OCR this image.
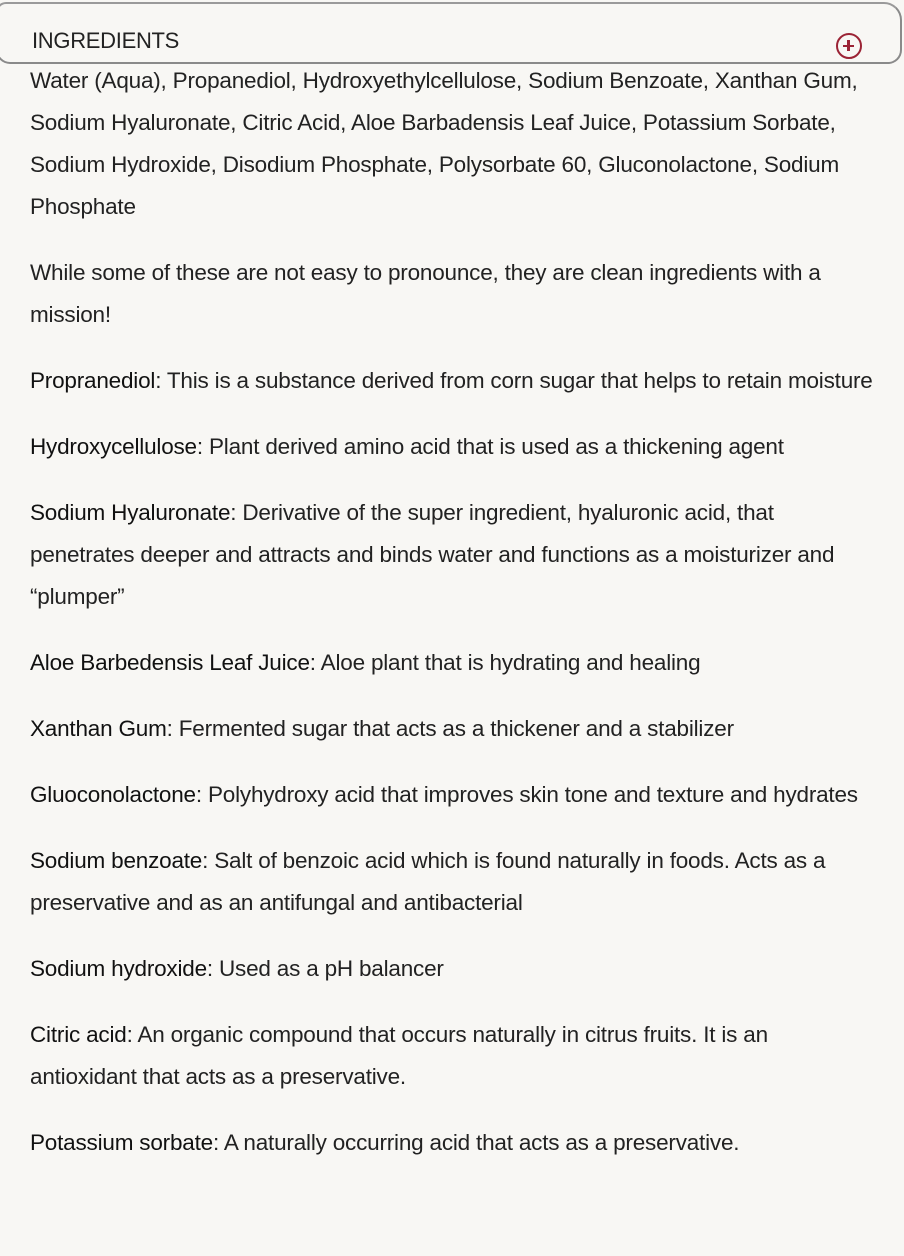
INGREDIENTS

Water (Aqua), Propanediol, Hydroxyethylcellulose, Sodium Benzoate, Xanthan Gum, Sodium Hyaluronate, Citric Acid, Aloe Barbadensis Leaf Juice, Potassium Sorbate, Sodium Hydroxide, Disodium Phosphate, Polysorbate 60, Gluconolactone, Sodium Phosphate

While some of these are not easy to pronounce, they are clean ingredients with a mission!

Propranediol: This is a substance derived from corn sugar that helps to retain moisture

Hydroxycellulose: Plant derived amino acid that is used as a thickening agent

Sodium Hyaluronate: Derivative of the super ingredient, hyaluronic acid, that penetrates deeper and attracts and binds water and functions as a moisturizer and “plumper”

Aloe Barbedensis Leaf Juice: Aloe plant that is hydrating and healing

Xanthan Gum: Fermented sugar that acts as a thickener and a stabilizer

Gluoconolactone: Polyhydroxy acid that improves skin tone and texture and hydrates

Sodium benzoate: Salt of benzoic acid which is found naturally in foods. Acts as a preservative and as an antifungal and antibacterial

Sodium hydroxide: Used as a pH balancer

Citric acid: An organic compound that occurs naturally in citrus fruits. It is an antioxidant that acts as a preservative.

Potassium sorbate: A naturally occurring acid that acts as a preservative.
